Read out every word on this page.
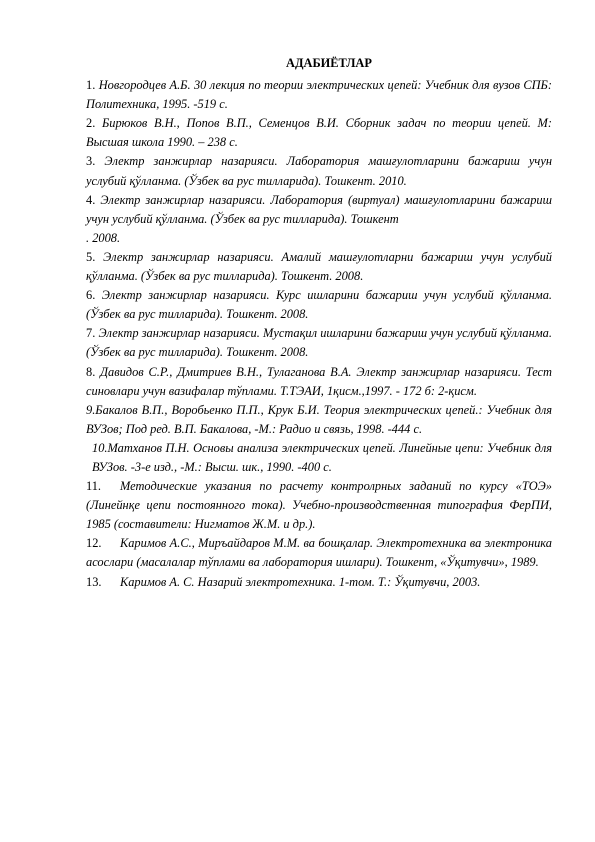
АДАБИЁТЛАР

1. Новгородцев А.Б. 30 лекция по теории электрических цепей: Учебник для вузов СПБ: Политехника, 1995. -519 с.

2. Бирюков В.Н., Попов В.П., Семенцов В.И. Сборник задач по теории цепей. М: Высшая школа 1990. – 238 с.

3. Электр занжирлар назарияси. Лаборатория машғулотларини бажариш учун услубий қўлланма. (Ўзбек ва рус тилларида). Тошкент. 2010.

4. Электр занжирлар назарияси. Лаборатория (виртуал) машғулотларини бажариш учун услубий қўлланма. (Ўзбек ва рус тилларида). Тошкент
. 2008.

5. Электр занжирлар назарияси. Амалий машғулотларни бажариш учун услубий қўлланма. (Ўзбек ва рус тилларида). Тошкент. 2008.

6. Электр занжирлар назарияси. Курс ишларини бажариш учун услубий қўлланма. (Ўзбек ва рус тилларида). Тошкент. 2008.

7. Электр занжирлар назарияси. Мустақил ишларини бажариш учун услубий қўлланма. (Ўзбек ва рус тилларида). Тошкент. 2008.

8. Давидов С.Р., Дмитриев В.Н., Тулаганова В.А. Электр занжирлар назарияси. Тест синовлари учун вазифалар тўплами. Т.ТЭАИ, 1қисм.,1997. - 172 б: 2-қисм.

9.Бакалов В.П., Воробьенко П.П., Крук Б.И. Теория электрических цепей.: Учебник для ВУЗов; Под ред. В.П. Бакалова, -М.: Радио и связь, 1998. -444 с.

10.Матханов П.Н. Основы анализа электрических цепей. Линейные цепи: Учебник для ВУЗов. -3-е изд., -М.: Высш. шк., 1990. -400 с.

11. Методические указания по расчету контролрных заданий по курсу «ТОЭ» (Линейнқе цепи постоянного тока). Учебно-производственная типография ФерПИ, 1985 (составители: Нигматов Ж.М. и др.).

12. Каримов А.С., Миръайдаров М.М. ва бошқалар. Электротехника ва электроника асослари (масалалар тўплами ва лаборатория ишлари). Тошкент, «Ўқитувчи», 1989.

13. Каримов А. С. Назарий электротехника. 1-том. Т.: Ўқитувчи, 2003.
